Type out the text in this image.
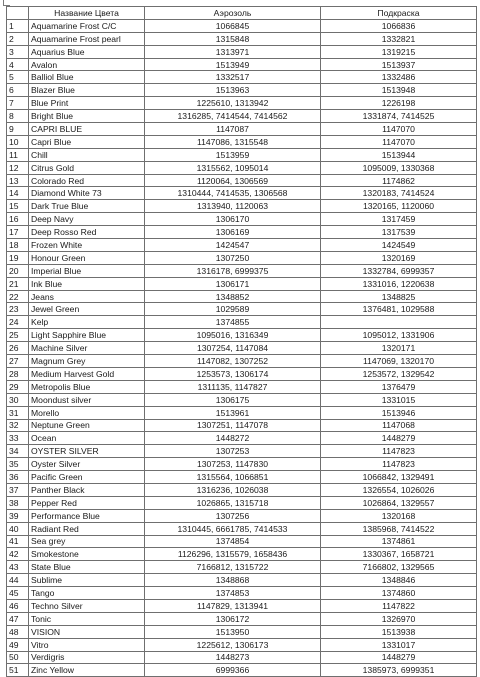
	Название Цвета	Аэрозоль	Подкраска
1	Aquamarine Frost C/C	1066845	1066836
2	Aquamarine Frost pearl	1315848	1332821
3	Aquarius Blue	1313971	1319215
4	Avalon	1513949	1513937
5	Balliol Blue	1332517	1332486
6	Blazer Blue	1513963	1513948
7	Blue Print	1225610, 1313942	1226198
8	Bright Blue	1316285, 7414544, 7414562	1331874, 7414525
9	CAPRI BLUE	1147087	1147070
10	Capri Blue	1147086, 1315548	1147070
11	Chill	1513959	1513944
12	Citrus Gold	1315562, 1095014	1095009, 1330368
13	Colorado Red	1120064, 1306569	1174862
14	Diamond White 73	1310444, 7414535, 1306568	1320183, 7414524
15	Dark True Blue	1313940, 1120063	1320165, 1120060
16	Deep Navy	1306170	1317459
17	Deep Rosso Red	1306169	1317539
18	Frozen White	1424547	1424549
19	Honour Green	1307250	1320169
20	Imperial Blue	1316178, 6999375	1332784, 6999357
21	Ink Blue	1306171	1331016, 1220638
22	Jeans	1348852	1348825
23	Jewel Green	1029589	1376481, 1029588
24	Kelp	1374855	
25	Light Sapphire Blue	1095016, 1316349	1095012, 1331906
26	Machine Silver	1307254, 1147084	1320171
27	Magnum Grey	1147082, 1307252	1147069, 1320170
28	Medium Harvest Gold	1253573, 1306174	1253572, 1329542
29	Metropolis Blue	1311135, 1147827	1376479
30	Moondust silver	1306175	1331015
31	Morello	1513961	1513946
32	Neptune Green	1307251, 1147078	1147068
33	Ocean	1448272	1448279
34	OYSTER SILVER	1307253	1147823
35	Oyster Silver	1307253, 1147830	1147823
36	Pacific Green	1315564, 1066851	1066842, 1329491
37	Panther Black	1316236, 1026038	1326554, 1026026
38	Pepper Red	1026865, 1315718	1026864, 1329557
39	Performance Blue	1307256	1320168
40	Radiant Red	1310445, 6661785, 7414533	1385968, 7414522
41	Sea grey	1374854	1374861
42	Smokestone	1126296, 1315579, 1658436	1330367, 1658721
43	State Blue	7166812, 1315722	7166802, 1329565
44	Sublime	1348868	1348846
45	Tango	1374853	1374860
46	Techno Silver	1147829, 1313941	1147822
47	Tonic	1306172	1326970
48	VISION	1513950	1513938
49	Vitro	1225612, 1306173	1331017
50	Verdigris	1448273	1448279
51	Zinc Yellow	6999366	1385973, 6999351
